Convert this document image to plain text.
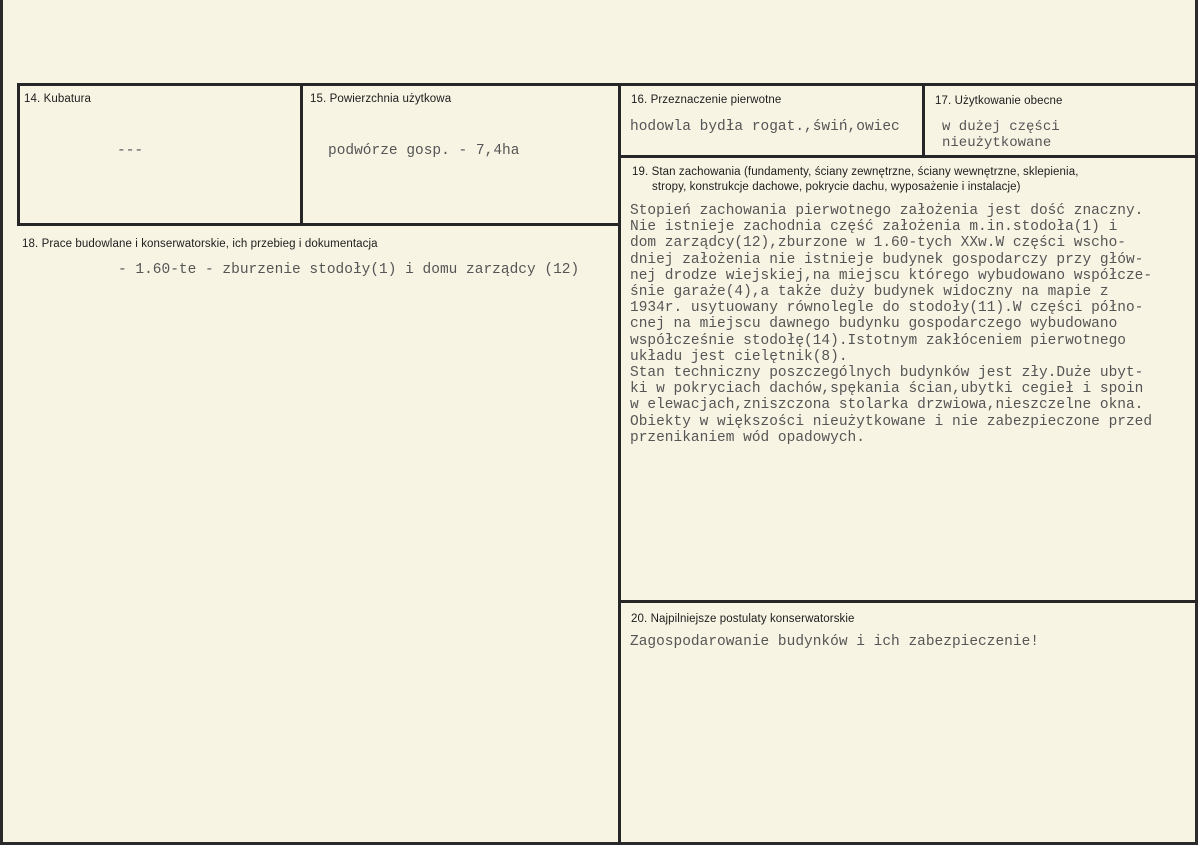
14. Kubatura
---
15. Powierzchnia użytkowa
podwórze gosp. - 7,4ha
16. Przeznaczenie pierwotne
hodowla bydła rogat.,świń,owiec
17. Użytkowanie obecne
w dużej części
nieużytkowane
18. Prace budowlane i konserwatorskie, ich przebieg i dokumentacja
- 1.60-te - zburzenie stodoły(1) i domu zarządcy (12)
19. Stan zachowania (fundamenty, ściany zewnętrzne, ściany wewnętrzne, sklepienia,
stropy, konstrukcje dachowe, pokrycie dachu, wyposażenie i instalacje)
Stopień zachowania pierwotnego założenia jest dość znaczny.
Nie istnieje zachodnia część założenia m.in.stodoła(1) i
dom zarządcy(12),zburzone w 1.60-tych XXw.W części wscho-
dniej założenia nie istnieje budynek gospodarczy przy głów-
nej drodze wiejskiej,na miejscu którego wybudowano współcze-
śnie garaże(4),a także duży budynek widoczny na mapie z
1934r. usytuowany równolegle do stodoły(11).W części półno-
cnej na miejscu dawnego budynku gospodarczego wybudowano
współcześnie stodołę(14).Istotnym zakłóceniem pierwotnego
układu jest cielętnik(8).
Stan techniczny poszczególnych budynków jest zły.Duże ubyt-
ki w pokryciach dachów,spękania ścian,ubytki cegieł i spoin
w elewacjach,zniszczona stolarka drzwiowa,nieszczelne okna.
Obiekty w większości nieużytkowane i nie zabezpieczone przed
przenikaniem wód opadowych.
20. Najpilniejsze postulaty konserwatorskie
Zagospodarowanie budynków i ich zabezpieczenie!
